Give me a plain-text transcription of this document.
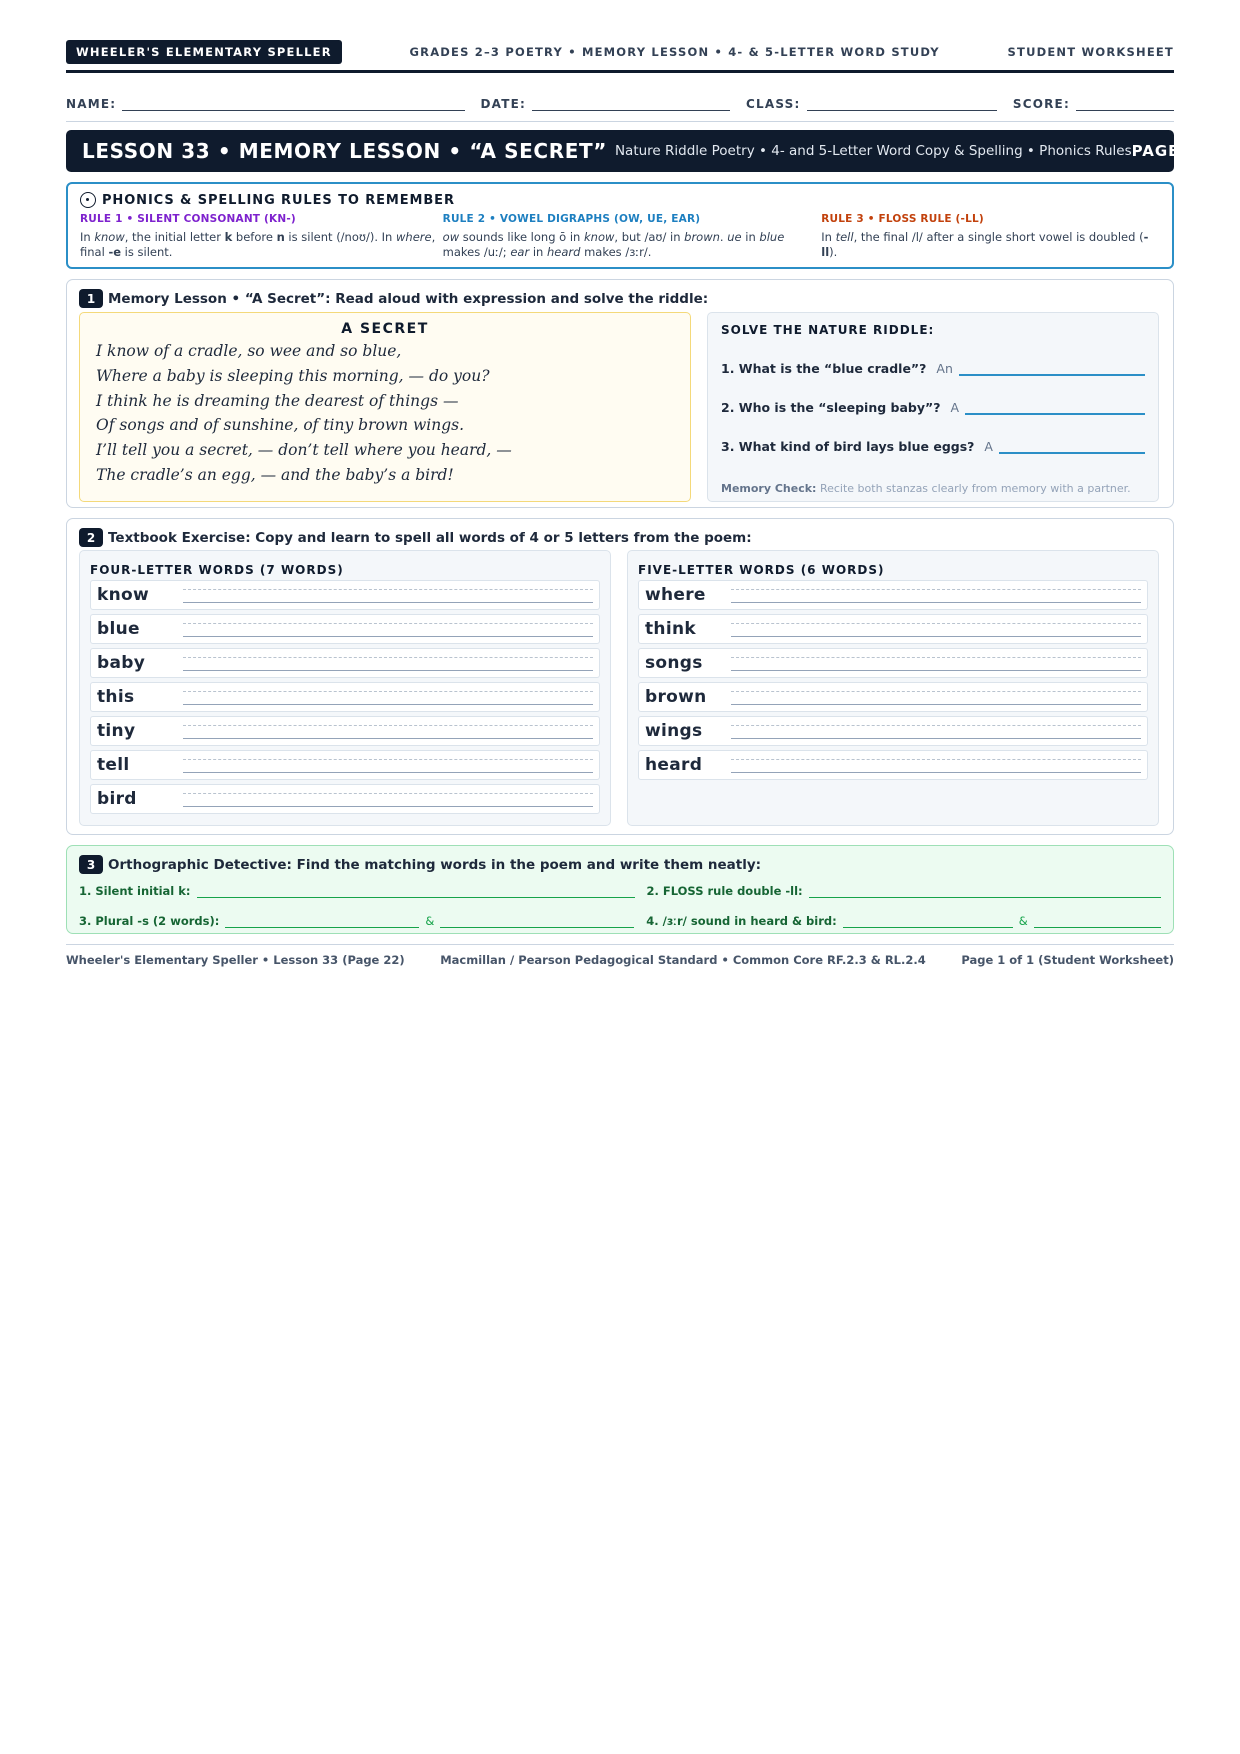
WHEELER'S ELEMENTARY SPELLER	GRADES 2–3 POETRY • MEMORY LESSON • 4- & 5-LETTER WORD STUDY	STUDENT WORKSHEET
NAME:	DATE:	CLASS:	SCORE:
LESSON 33 • MEMORY LESSON • “A SECRET” Nature Riddle Poetry • 4- and 5-Letter Word Copy & Spelling • Phonics Rules PAGE 22
PHONICS & SPELLING RULES TO REMEMBER
RULE 1 • SILENT CONSONANT (KN-)
In know, the initial letter k before n is silent (/noʊ/). In where, final -e is silent.
RULE 2 • VOWEL DIGRAPHS (OW, UE, EAR)
ow sounds like long ō in know, but /aʊ/ in brown. ue in blue makes /uː/; ear in heard makes /ɜːr/.
RULE 3 • FLOSS RULE (-LL)
In tell, the final /l/ after a single short vowel is doubled (-ll).
1 Memory Lesson • “A Secret”: Read aloud with expression and solve the riddle:
A SECRET
I know of a cradle, so wee and so blue,
Where a baby is sleeping this morning, — do you?
I think he is dreaming the dearest of things —
Of songs and of sunshine, of tiny brown wings.
I’ll tell you a secret, — don’t tell where you heard, —
The cradle’s an egg, — and the baby’s a bird!
SOLVE THE NATURE RIDDLE:
1. What is the “blue cradle”? An
2. Who is the “sleeping baby”? A
3. What kind of bird lays blue eggs? A
Memory Check: Recite both stanzas clearly from memory with a partner.
2 Textbook Exercise: Copy and learn to spell all words of 4 or 5 letters from the poem:
FOUR-LETTER WORDS (7 WORDS)
know
blue
baby
this
tiny
tell
bird
FIVE-LETTER WORDS (6 WORDS)
where
think
songs
brown
wings
heard
3 Orthographic Detective: Find the matching words in the poem and write them neatly:
1. Silent initial k:	2. FLOSS rule double -ll:
3. Plural -s (2 words):	&	4. /ɜːr/ sound in heard & bird:	&
Wheeler's Elementary Speller • Lesson 33 (Page 22)	Macmillan / Pearson Pedagogical Standard • Common Core RF.2.3 & RL.2.4	Page 1 of 1 (Student Worksheet)
